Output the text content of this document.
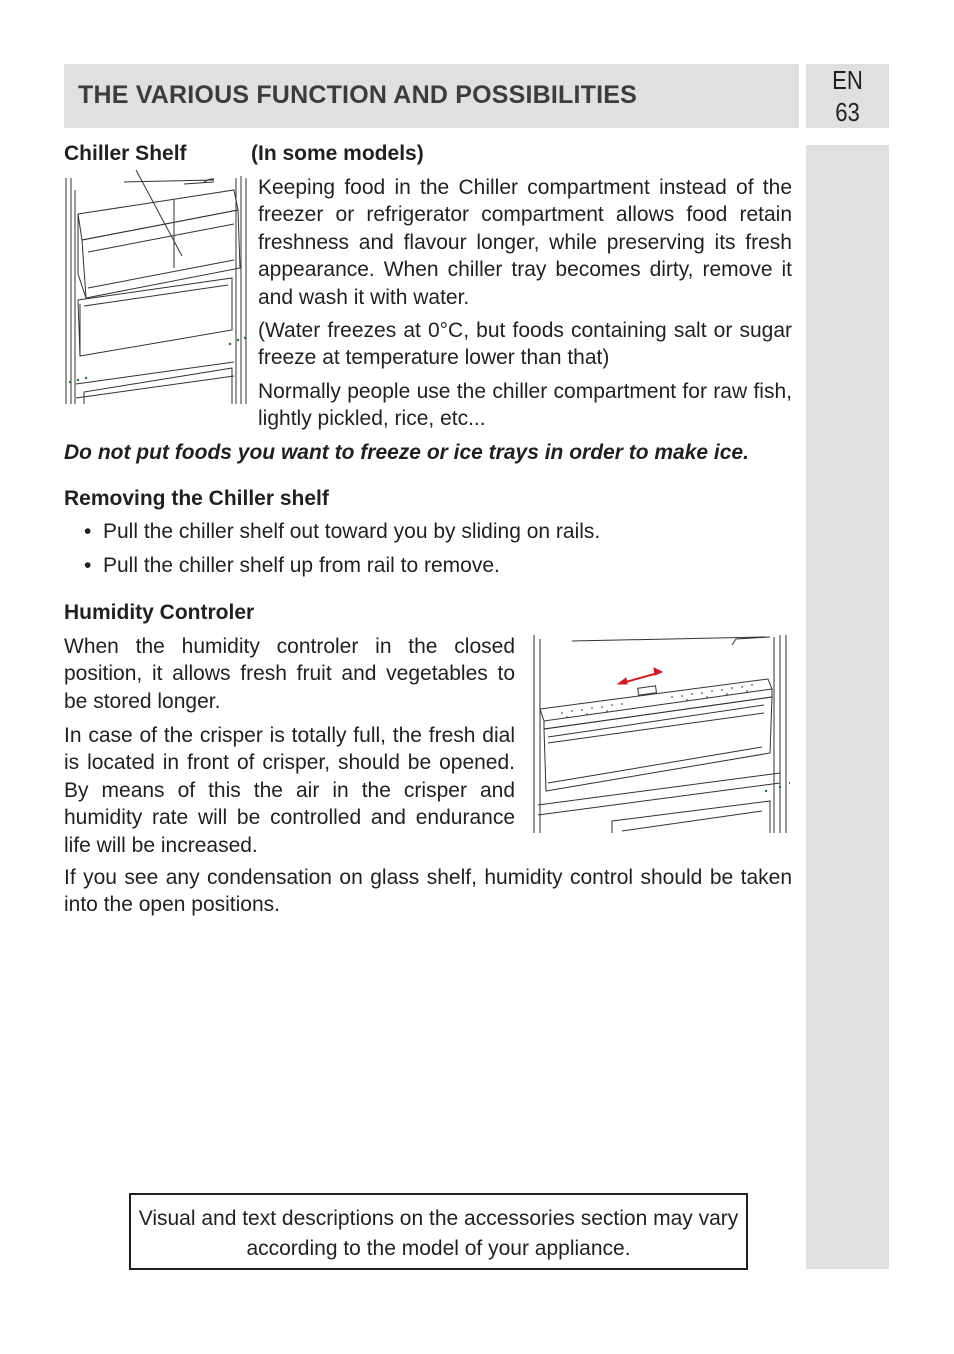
THE VARIOUS FUNCTION AND POSSIBILITIES	EN
63

Chiller Shelf	(In some models)

Keeping food in the Chiller compartment instead of the freezer or refrigerator compartment allows food retain freshness and flavour longer, while preserving its fresh appearance. When chiller tray becomes dirty, remove it and wash it with water.

(Water freezes at 0°C, but foods containing salt or sugar freeze at temperature lower than that)

Normally people use the chiller compartment for raw fish, lightly pickled, rice, etc...

Do not put foods you want to freeze or ice trays in order to make ice.

Removing the Chiller shelf

• Pull the chiller shelf out toward you by sliding on rails.
• Pull the chiller shelf up from rail to remove.

Humidity Controler

When the humidity controler in the closed position, it allows fresh fruit and vegetables to be stored longer.

In case of the crisper is totally full, the fresh dial is located in front of crisper, should be opened. By means of this the air in the crisper and humidity rate will be controlled and endurance life will be increased.

If you see any condensation on glass shelf, humidity control should be taken into the open positions.

Visual and text descriptions on the accessories section may vary according to the model of your appliance.
